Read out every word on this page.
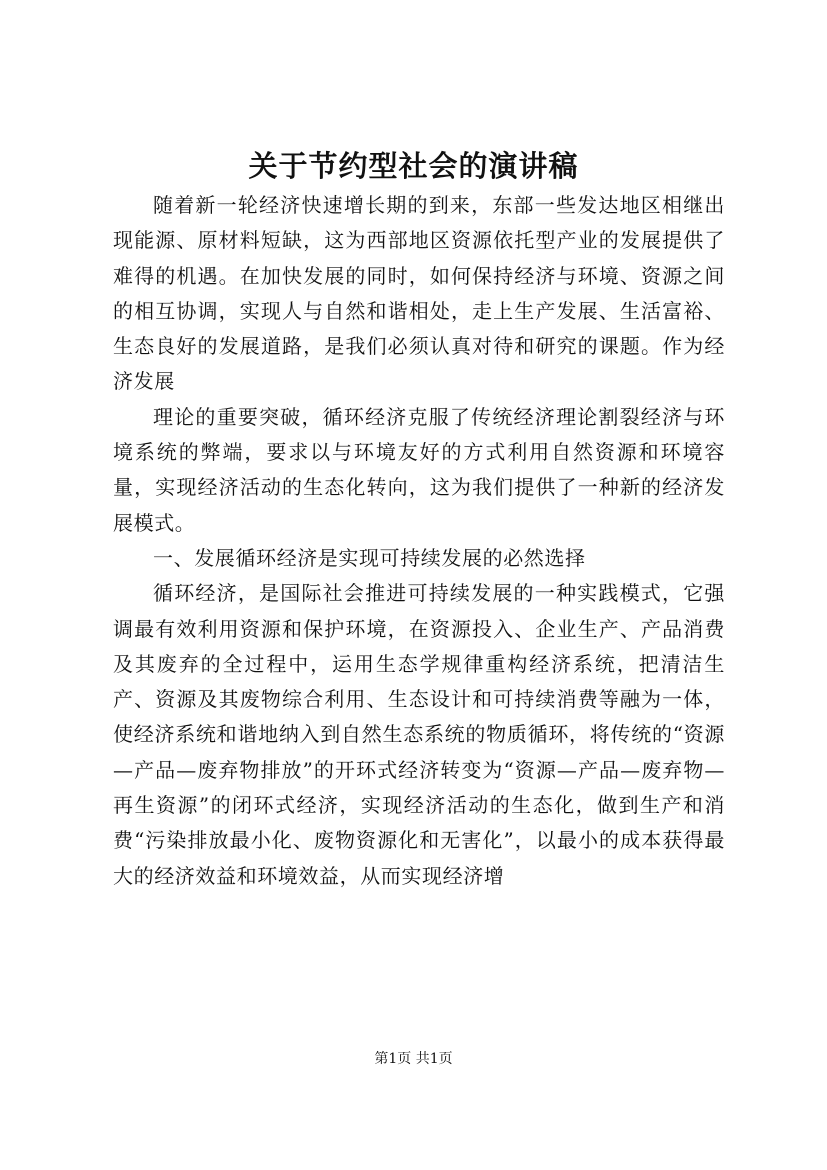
关于节约型社会的演讲稿

随着新一轮经济快速增长期的到来，东部一些发达地区相继出现能源、原材料短缺，这为西部地区资源依托型产业的发展提供了难得的机遇。在加快发展的同时，如何保持经济与环境、资源之间的相互协调，实现人与自然和谐相处，走上生产发展、生活富裕、生态良好的发展道路，是我们必须认真对待和研究的课题。作为经济发展

理论的重要突破，循环经济克服了传统经济理论割裂经济与环境系统的弊端，要求以与环境友好的方式利用自然资源和环境容量，实现经济活动的生态化转向，这为我们提供了一种新的经济发展模式。

一、发展循环经济是实现可持续发展的必然选择

循环经济，是国际社会推进可持续发展的一种实践模式，它强调最有效利用资源和保护环境，在资源投入、企业生产、产品消费及其废弃的全过程中，运用生态学规律重构经济系统，把清洁生产、资源及其废物综合利用、生态设计和可持续消费等融为一体，使经济系统和谐地纳入到自然生态系统的物质循环，将传统的“资源—产品—废弃物排放”的开环式经济转变为“资源—产品—废弃物—再生资源”的闭环式经济，实现经济活动的生态化，做到生产和消费“污染排放最小化、废物资源化和无害化”，以最小的成本获得最大的经济效益和环境效益，从而实现经济增

第1页 共1页
